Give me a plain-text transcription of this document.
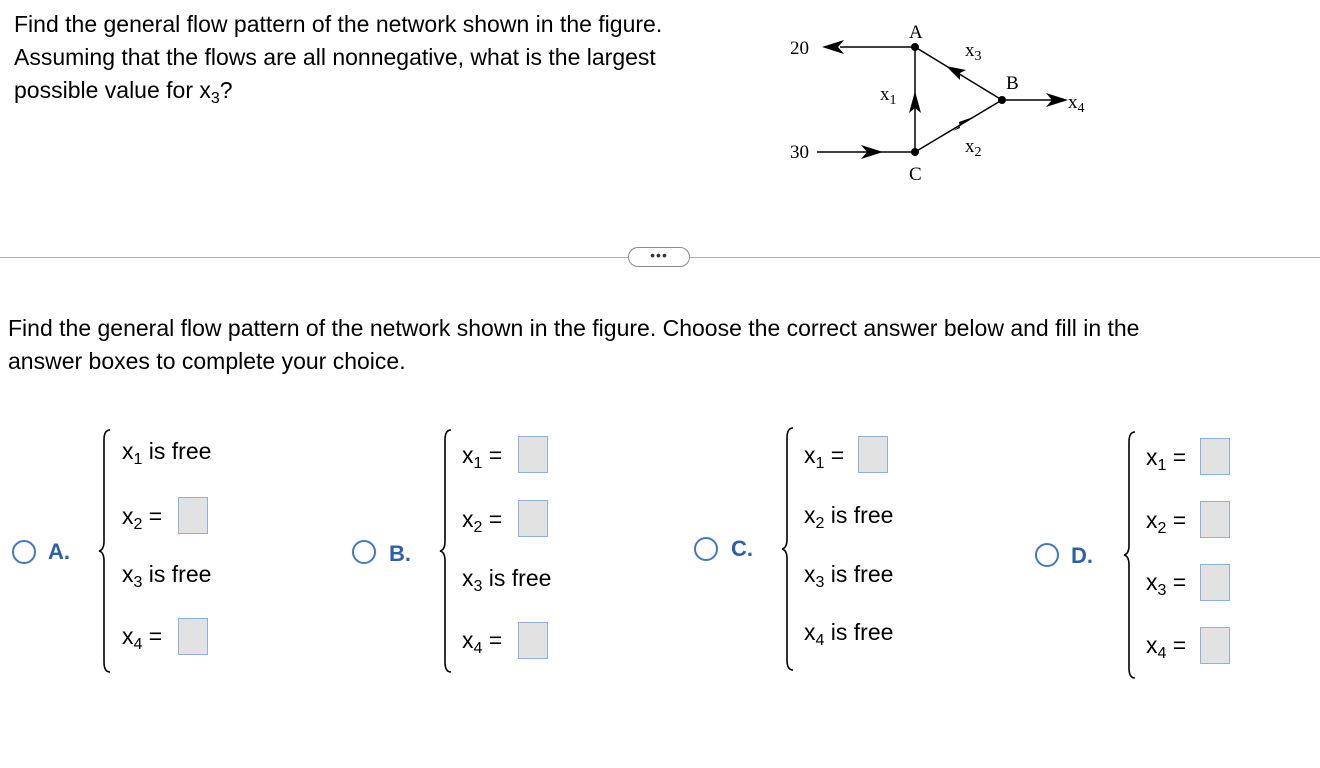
Find the general flow pattern of the network shown in the figure.
Assuming that the flows are all nonnegative, what is the largest
possible value for $x_3$?
A
B
C
20
30
$x_1$
$x_3$
$x_2$
$x_4$
•••
Find the general flow pattern of the network shown in the figure. Choose the correct answer below and fill in the
answer boxes to complete your choice.
A.
$x_1$ is free
$x_2$ =
$x_3$ is free
$x_4$ =
B.
$x_1$ =
$x_2$ =
$x_3$ is free
$x_4$ =
C.
$x_1$ =
$x_2$ is free
$x_3$ is free
$x_4$ is free
D.
$x_1$ =
$x_2$ =
$x_3$ =
$x_4$ =
